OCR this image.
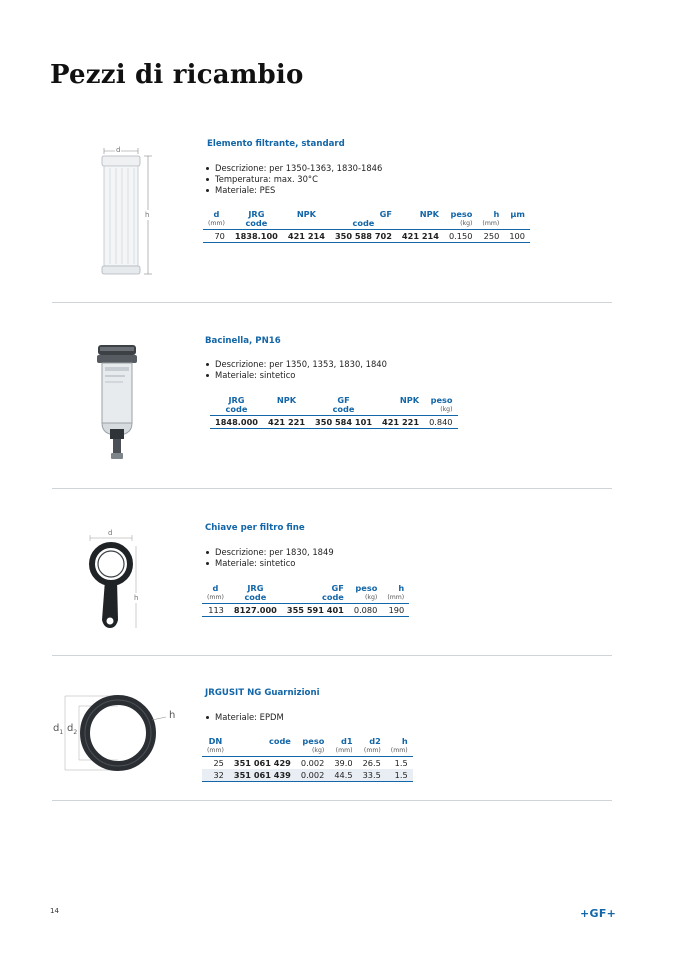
Pezzi di ricambio
d
h
Elemento filtrante, standard
Descrizione: per 1350-1363, 1830-1846
Temperatura: max. 30°C
Materiale: PES
d	JRG	NPK	GF	NPK	peso	h	µm
(mm)	code		code		(kg)	(mm)	
70	1838.100	421 214	350 588 702	421 214	0.150	250	100
Bacinella, PN16
Descrizione: per 1350, 1353, 1830, 1840
Materiale: sintetico
JRG	NPK	GF	NPK	peso
code		code		(kg)
1848.000	421 221	350 584 101	421 221	0.840
d
h
Chiave per filtro fine
Descrizione: per 1830, 1849
Materiale: sintetico
d	JRG	GF	peso	h
(mm)	code	code	(kg)	(mm)
113	8127.000	355 591 401	0.080	190
$d_1$ $d_2$
h
JRGUSIT NG Guarnizioni
Materiale: EPDM
DN	code	peso	d1	d2	h
(mm)		(kg)	(mm)	(mm)	(mm)
25	351 061 429	0.002	39.0	26.5	1.5
32	351 061 439	0.002	44.5	33.5	1.5
14	+GF+
